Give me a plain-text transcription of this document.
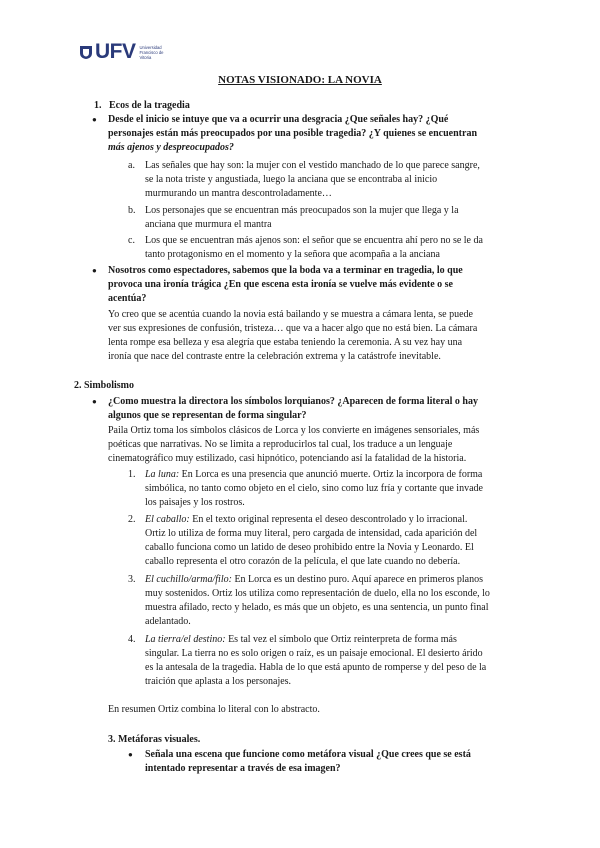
UFV Universidad
Francisco de
Vitoria
NOTAS VISIONADO: LA NOVIA
1. Ecos de la tragedia
● Desde el inicio se intuye que va a ocurrir una desgracia ¿Que señales hay? ¿Qué
personajes están más preocupados por una posible tragedia? ¿Y quienes se encuentran
más ajenos y despreocupados?
a. Las señales que hay son: la mujer con el vestido manchado de lo que parece sangre,
se la nota triste y angustiada, luego la anciana que se encontraba al inicio
murmurando un mantra descontroladamente…
b. Los personajes que se encuentran más preocupados son la mujer que llega y la
anciana que murmura el mantra
c. Los que se encuentran más ajenos son: el señor que se encuentra ahí pero no se le da
tanto protagonismo en el momento y la señora que acompaña a la anciana
● Nosotros como espectadores, sabemos que la boda va a terminar en tragedia, lo que
provoca una ironía trágica ¿En que escena esta ironía se vuelve más evidente o se
acentúa?
Yo creo que se acentúa cuando la novia está bailando y se muestra a cámara lenta, se puede
ver sus expresiones de confusión, tristeza… que va a hacer algo que no está bien. La cámara
lenta rompe esa belleza y esa alegría que estaba teniendo la ceremonia. A su vez hay una
ironía que nace del contraste entre la celebración extrema y la catástrofe inevitable.
2. Simbolismo
● ¿Como muestra la directora los símbolos lorquianos? ¿Aparecen de forma literal o hay
algunos que se representan de forma singular?
Paila Ortiz toma los símbolos clásicos de Lorca y los convierte en imágenes sensoriales, más
poéticas que narrativas. No se limita a reproducirlos tal cual, los traduce a un lenguaje
cinematográfico muy estilizado, casi hipnótico, potenciando así la fatalidad de la historia.
1. La luna: En Lorca es una presencia que anunció muerte. Ortiz la incorpora de forma
simbólica, no tanto como objeto en el cielo, sino como luz fría y cortante que invade
los paisajes y los rostros.
2. El caballo: En el texto original representa el deseo descontrolado y lo irracional.
Ortiz lo utiliza de forma muy literal, pero cargada de intensidad, cada aparición del
caballo funciona como un latido de deseo prohibido entre la Novia y Leonardo. El
caballo representa el otro corazón de la película, el que late cuando no debería.
3. El cuchillo/arma/filo: En Lorca es un destino puro. Aquí aparece en primeros planos
muy sostenidos. Ortiz los utiliza como representación de duelo, ella no los esconde, lo
muestra afilado, recto y helado, es más que un objeto, es una sentencia, un punto final
adelantado.
4. La tierra/el destino: Es tal vez el símbolo que Ortiz reinterpreta de forma más
singular. La tierra no es solo origen o raíz, es un paisaje emocional. El desierto árido
es la antesala de la tragedia. Habla de lo que está apunto de romperse y del peso de la
traición que aplasta a los personajes.
En resumen Ortiz combina lo literal con lo abstracto.
3. Metáforas visuales.
● Señala una escena que funcione como metáfora visual ¿Que crees que se está
intentado representar a través de esa imagen?
